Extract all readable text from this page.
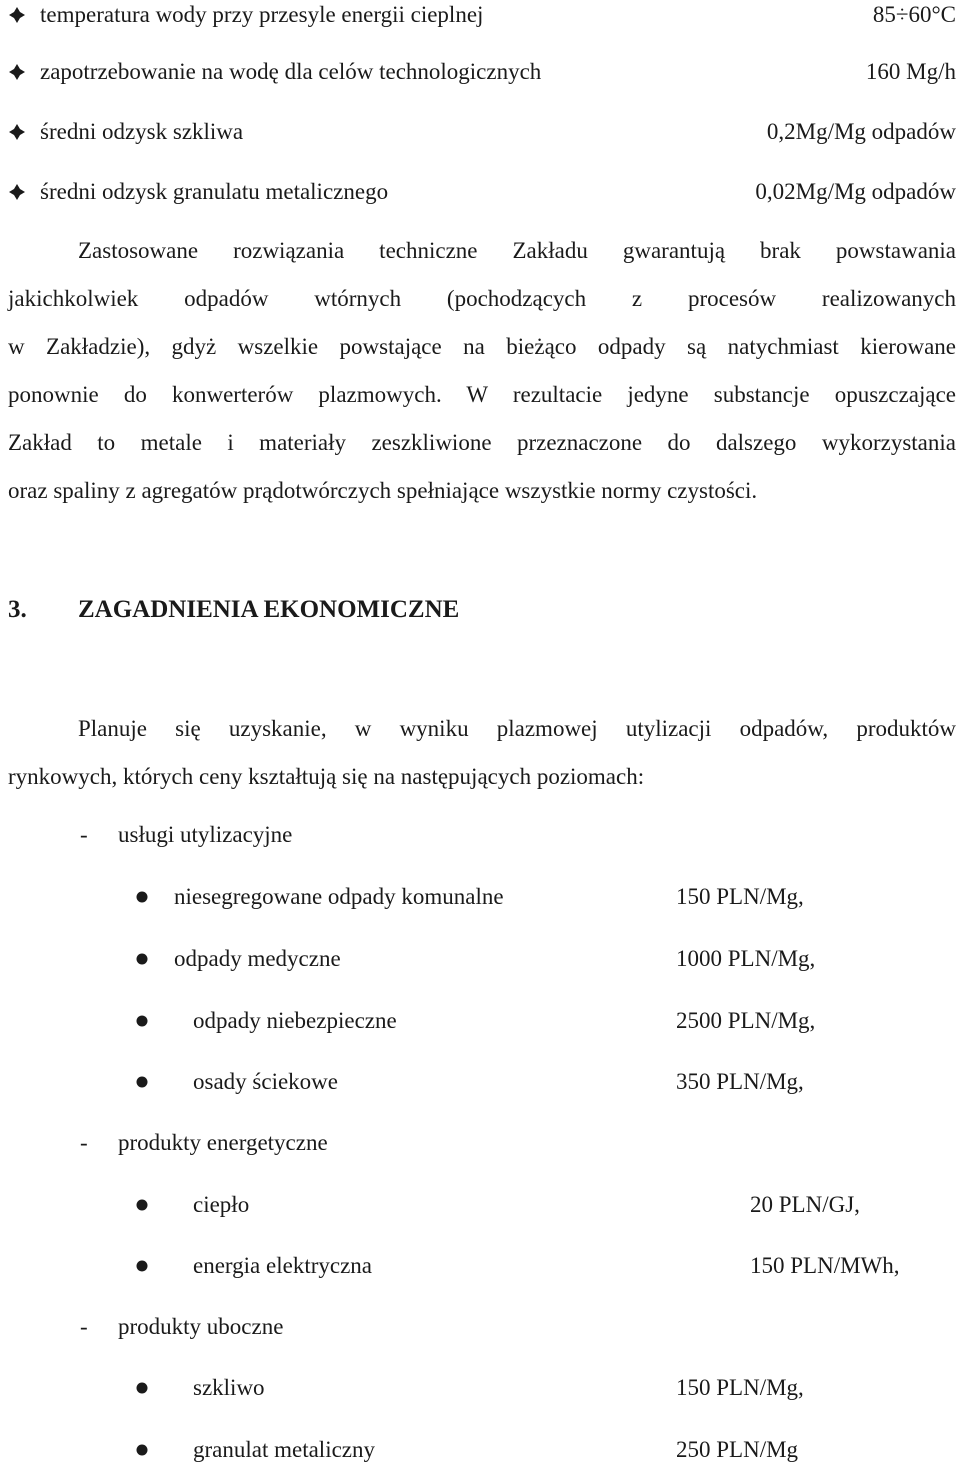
temperatura wody przy przesyle energii cieplnej	85÷60°C
zapotrzebowanie na wodę dla celów technologicznych	160 Mg/h
średni odzysk szkliwa	0,2Mg/Mg odpadów
średni odzysk granulatu metalicznego	0,02Mg/Mg odpadów
Zastosowane rozwiązania techniczne Zakładu gwarantują brak powstawania
jakichkolwiek odpadów wtórnych (pochodzących z procesów realizowanych
w Zakładzie), gdyż wszelkie powstające na bieżąco odpady są natychmiast kierowane
ponownie do konwerterów plazmowych. W rezultacie jedyne substancje opuszczające
Zakład to metale i materiały zeszkliwione przeznaczone do dalszego wykorzystania
oraz spaliny z agregatów prądotwórczych spełniające wszystkie normy czystości.
3. ZAGADNIENIA EKONOMICZNE
Planuje się uzyskanie, w wyniku plazmowej utylizacji odpadów, produktów
rynkowych, których ceny kształtują się na następujących poziomach:
- usługi utylizacyjne
niesegregowane odpady komunalne	150 PLN/Mg,
odpady medyczne	1000 PLN/Mg,
odpady niebezpieczne	2500 PLN/Mg,
osady ściekowe	350 PLN/Mg,
- produkty energetyczne
ciepło	20 PLN/GJ,
energia elektryczna	150 PLN/MWh,
- produkty uboczne
szkliwo	150 PLN/Mg,
granulat metaliczny	250 PLN/Mg
